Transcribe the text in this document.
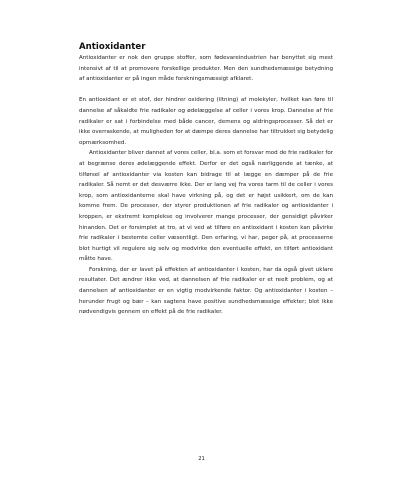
Antioxidanter

Antioxidanter er nok den gruppe stoffer, som fødevareindustrien har benyttet sig mest intensivt af til at promovere forskellige produkter. Men den sundhedsmæssige betydning af antioxidanter er på ingen måde forskningsmæssigt afklaret.

En antioxidant er et stof, der hindrer oxidering (iltning) af molekyler, hvilket kan føre til dannelse af såkaldte frie radikaler og ødelæggelse af celler i vores krop. Dannelse af frie radikaler er sat i forbindelse med både cancer, demens og aldringsprocesser. Så det er ikke overraskende, at muligheden for at dæmpe deres dannelse har tiltrukket sig betydelig opmærksomhed.

Antioxidanter bliver dannet af vores celler, bl.a. som et forsvar mod de frie radikaler for at begrænse deres ødelæggende effekt. Derfor er det også nærliggende at tænke, at tilførsel af antioxidanter via kosten kan bidrage til at lægge en dæmper på de frie radikaler. Så nemt er det desværre ikke. Der er lang vej fra vores tarm til de celler i vores krop, som antioxidanterne skal have virkning på, og det er højst usikkert, om de kan komme frem. De processer, der styrer produktionen af frie radikaler og antioxidanter i kroppen, er ekstremt komplekse og involverer mange processer, der gensidigt påvirker hinanden. Det er forsimplet at tro, at vi ved at tilføre en antioxidant i kosten kan påvirke frie radikaler i bestemte celler væsentligt. Den erfaring, vi har, peger på, at processerne blot hurtigt vil regulere sig selv og modvirke den eventuelle effekt, en tilført antioxidant måtte have.

Forskning, der er lavet på effekten af antioxidanter i kosten, har da også givet uklare resultater. Det ændrer ikke ved, at dannelsen af frie radikaler er et reelt problem, og at dannelsen af antioxidanter er en vigtig modvirkende faktor. Og antioxidanter i kosten – herunder frugt og bær – kan sagtens have positive sundhedsmæssige effekter; blot ikke nødvendigvis gennem en effekt på de frie radikaler.

21
